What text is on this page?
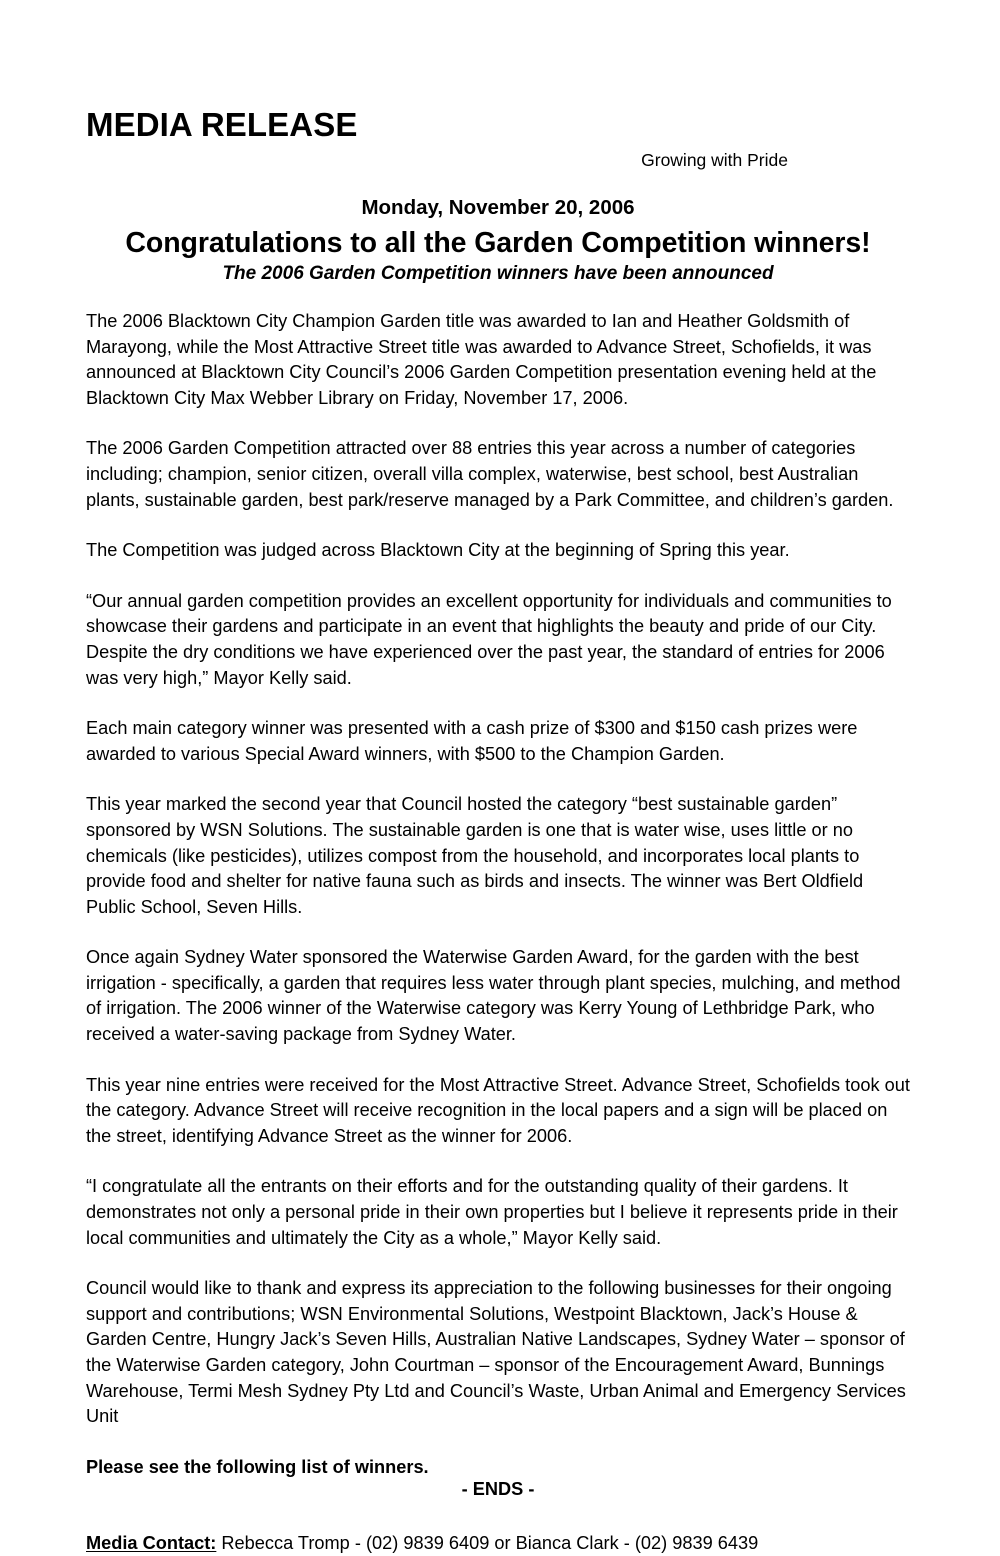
MEDIA RELEASE
Growing with Pride
Monday, November 20, 2006
Congratulations to all the Garden Competition winners!
The 2006 Garden Competition winners have been announced

The 2006 Blacktown City Champion Garden title was awarded to Ian and Heather Goldsmith of Marayong, while the Most Attractive Street title was awarded to Advance Street, Schofields, it was announced at Blacktown City Council’s 2006 Garden Competition presentation evening held at the Blacktown City Max Webber Library on Friday, November 17, 2006.

The 2006 Garden Competition attracted over 88 entries this year across a number of categories including; champion, senior citizen, overall villa complex, waterwise, best school, best Australian plants, sustainable garden, best park/reserve managed by a Park Committee, and children’s garden.

The Competition was judged across Blacktown City at the beginning of Spring this year.

“Our annual garden competition provides an excellent opportunity for individuals and communities to showcase their gardens and participate in an event that highlights the beauty and pride of our City. Despite the dry conditions we have experienced over the past year, the standard of entries for 2006 was very high,” Mayor Kelly said.

Each main category winner was presented with a cash prize of $300 and $150 cash prizes were awarded to various Special Award winners, with $500 to the Champion Garden.

This year marked the second year that Council hosted the category “best sustainable garden” sponsored by WSN Solutions. The sustainable garden is one that is water wise, uses little or no chemicals (like pesticides), utilizes compost from the household, and incorporates local plants to provide food and shelter for native fauna such as birds and insects. The winner was Bert Oldfield Public School, Seven Hills.

Once again Sydney Water sponsored the Waterwise Garden Award, for the garden with the best irrigation - specifically, a garden that requires less water through plant species, mulching, and method of irrigation. The 2006 winner of the Waterwise category was Kerry Young of Lethbridge Park, who received a water-saving package from Sydney Water.

This year nine entries were received for the Most Attractive Street. Advance Street, Schofields took out the category. Advance Street will receive recognition in the local papers and a sign will be placed on the street, identifying Advance Street as the winner for 2006.

“I congratulate all the entrants on their efforts and for the outstanding quality of their gardens. It demonstrates not only a personal pride in their own properties but I believe it represents pride in their local communities and ultimately the City as a whole,” Mayor Kelly said.

Council would like to thank and express its appreciation to the following businesses for their ongoing support and contributions; WSN Environmental Solutions, Westpoint Blacktown, Jack’s House & Garden Centre, Hungry Jack’s Seven Hills, Australian Native Landscapes, Sydney Water – sponsor of the Waterwise Garden category, John Courtman – sponsor of the Encouragement Award, Bunnings Warehouse, Termi Mesh Sydney Pty Ltd and Council’s Waste, Urban Animal and Emergency Services Unit

Please see the following list of winners.

- ENDS -

Media Contact: Rebecca Tromp - (02) 9839 6409 or Bianca Clark - (02) 9839 6439
